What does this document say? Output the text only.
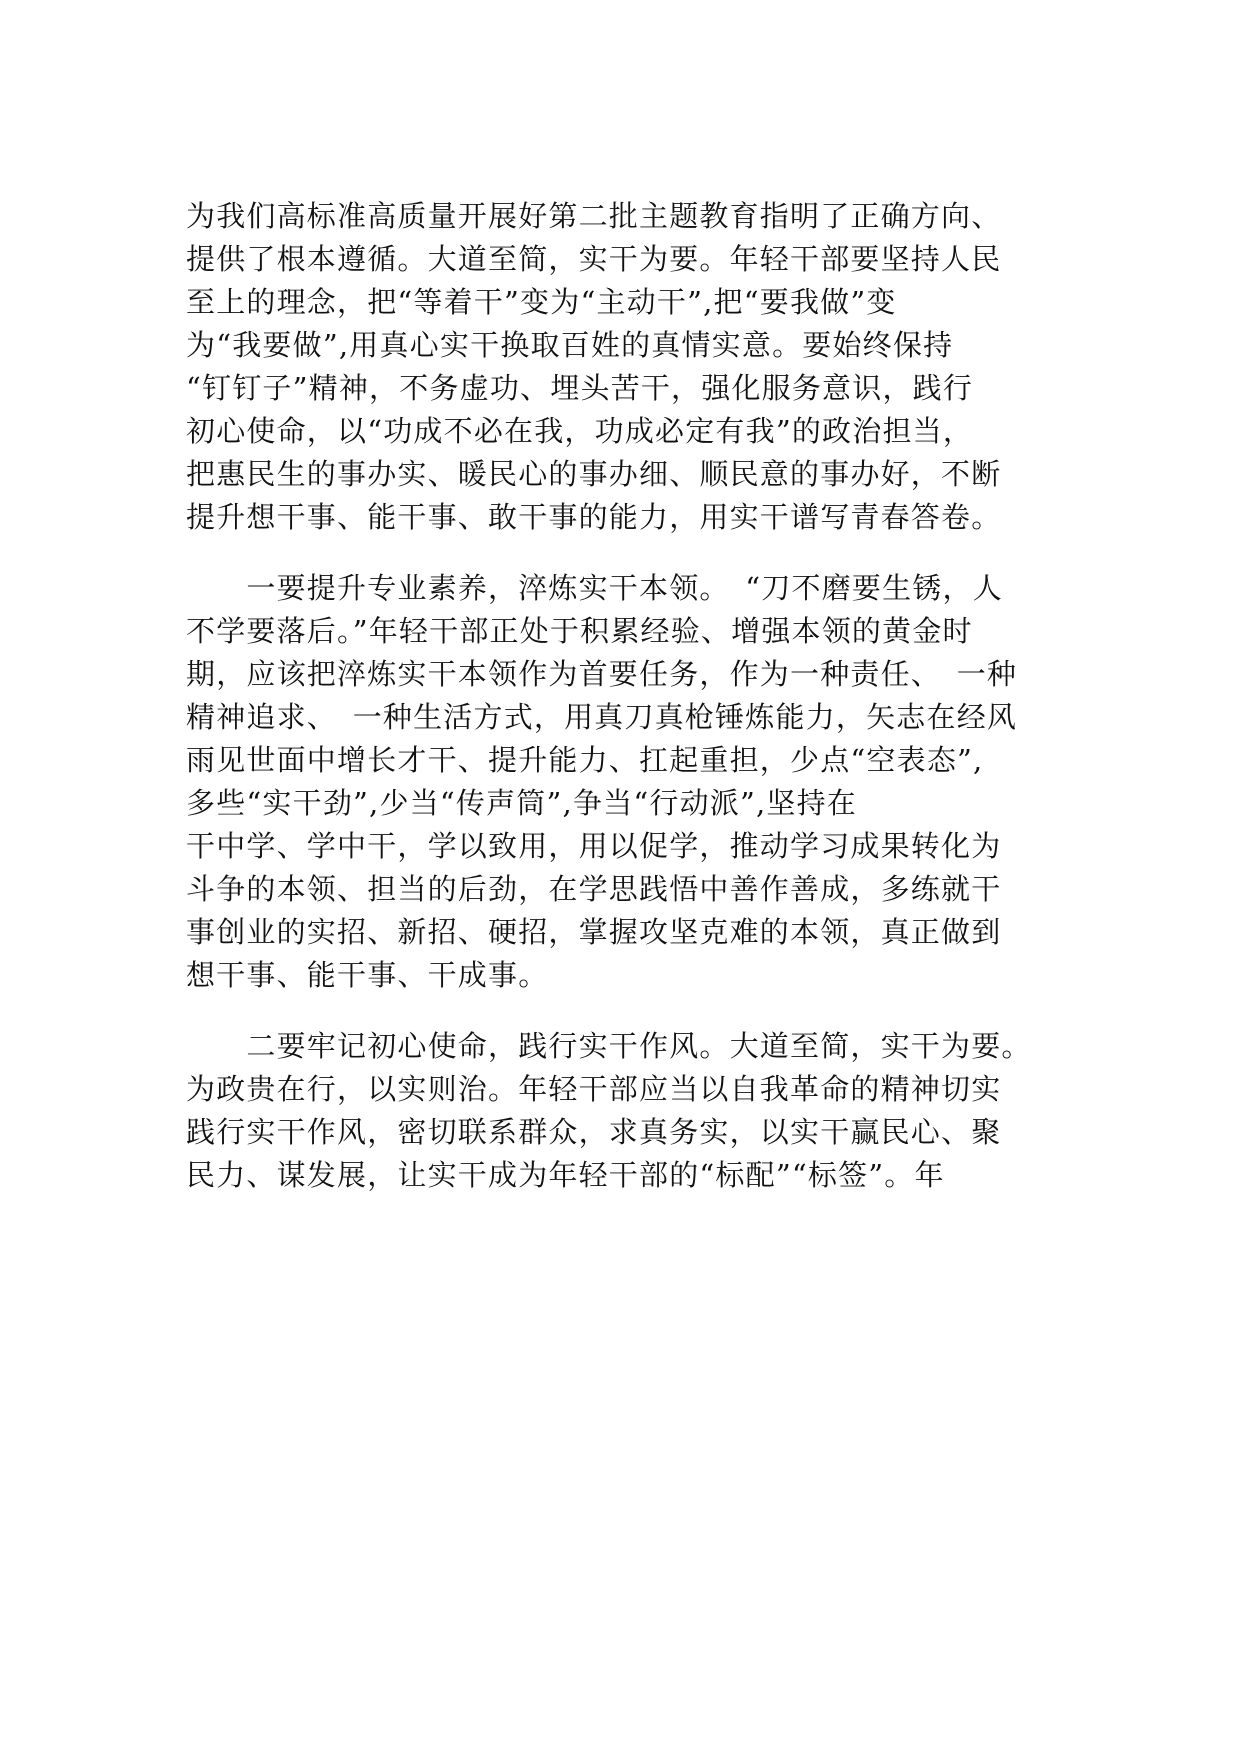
为我们高标准高质量开展好第二批主题教育指明了正确方向、
提供了根本遵循。大道至简，实干为要。年轻干部要坚持人民
至上的理念，把“等着干”变为“主动干”,把“要我做”变
为“我要做”,用真心实干换取百姓的真情实意。要始终保持
“钉钉子”精神，不务虚功、埋头苦干，强化服务意识，践行
初心使命，以“功成不必在我，功成必定有我”的政治担当，
把惠民生的事办实、暖民心的事办细、顺民意的事办好，不断
提升想干事、能干事、敢干事的能力，用实干谱写青春答卷。
　　一要提升专业素养，淬炼实干本领。　“刀不磨要生锈，人
不学要落后。”年轻干部正处于积累经验、增强本领的黄金时
期，应该把淬炼实干本领作为首要任务，作为一种责任、　一种
精神追求、　一种生活方式，用真刀真枪锤炼能力，矢志在经风
雨见世面中增长才干、提升能力、扛起重担，少点“空表态”,
多些“实干劲”,少当“传声筒”,争当“行动派”,坚持在
干中学、学中干，学以致用，用以促学，推动学习成果转化为
斗争的本领、担当的后劲，在学思践悟中善作善成，多练就干
事创业的实招、新招、硬招，掌握攻坚克难的本领，真正做到
想干事、能干事、干成事。
　　二要牢记初心使命，践行实干作风。大道至简，实干为要。
为政贵在行，以实则治。年轻干部应当以自我革命的精神切实
践行实干作风，密切联系群众，求真务实，以实干赢民心、聚
民力、谋发展，让实干成为年轻干部的“标配”“标签”。年
